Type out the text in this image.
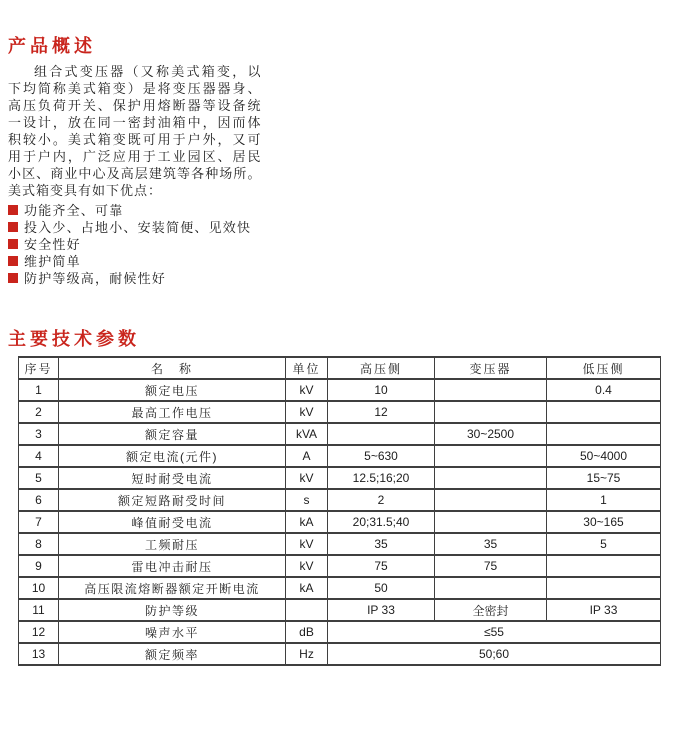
产品概述
组合式变压器（又称美式箱变，以
下均简称美式箱变）是将变压器器身、
高压负荷开关、保护用熔断器等设备统
一设计，放在同一密封油箱中，因而体
积较小。美式箱变既可用于户外，又可
用于户内，广泛应用于工业园区、居民
小区、商业中心及高层建筑等各种场所。
美式箱变具有如下优点：
功能齐全、可靠
投入少、占地小、安装简便、见效快
安全性好
维护简单
防护等级高，耐候性好
主要技术参数
序号	名　称	单位	高压侧	变压器	低压侧
1	额定电压	kV	10		0.4
2	最高工作电压	kV	12		
3	额定容量	kVA		30~2500	
4	额定电流(元件)	A	5~630		50~4000
5	短时耐受电流	kV	12.5;16;20		15~75
6	额定短路耐受时间	s	2		1
7	峰值耐受电流	kA	20;31.5;40		30~165
8	工频耐压	kV	35	35	5
9	雷电冲击耐压	kV	75	75	
10	高压限流熔断器额定开断电流	kA	50		
11	防护等级		IP 33	全密封	IP 33
12	噪声水平	dB	≤55		
13	额定频率	Hz	50;60		
